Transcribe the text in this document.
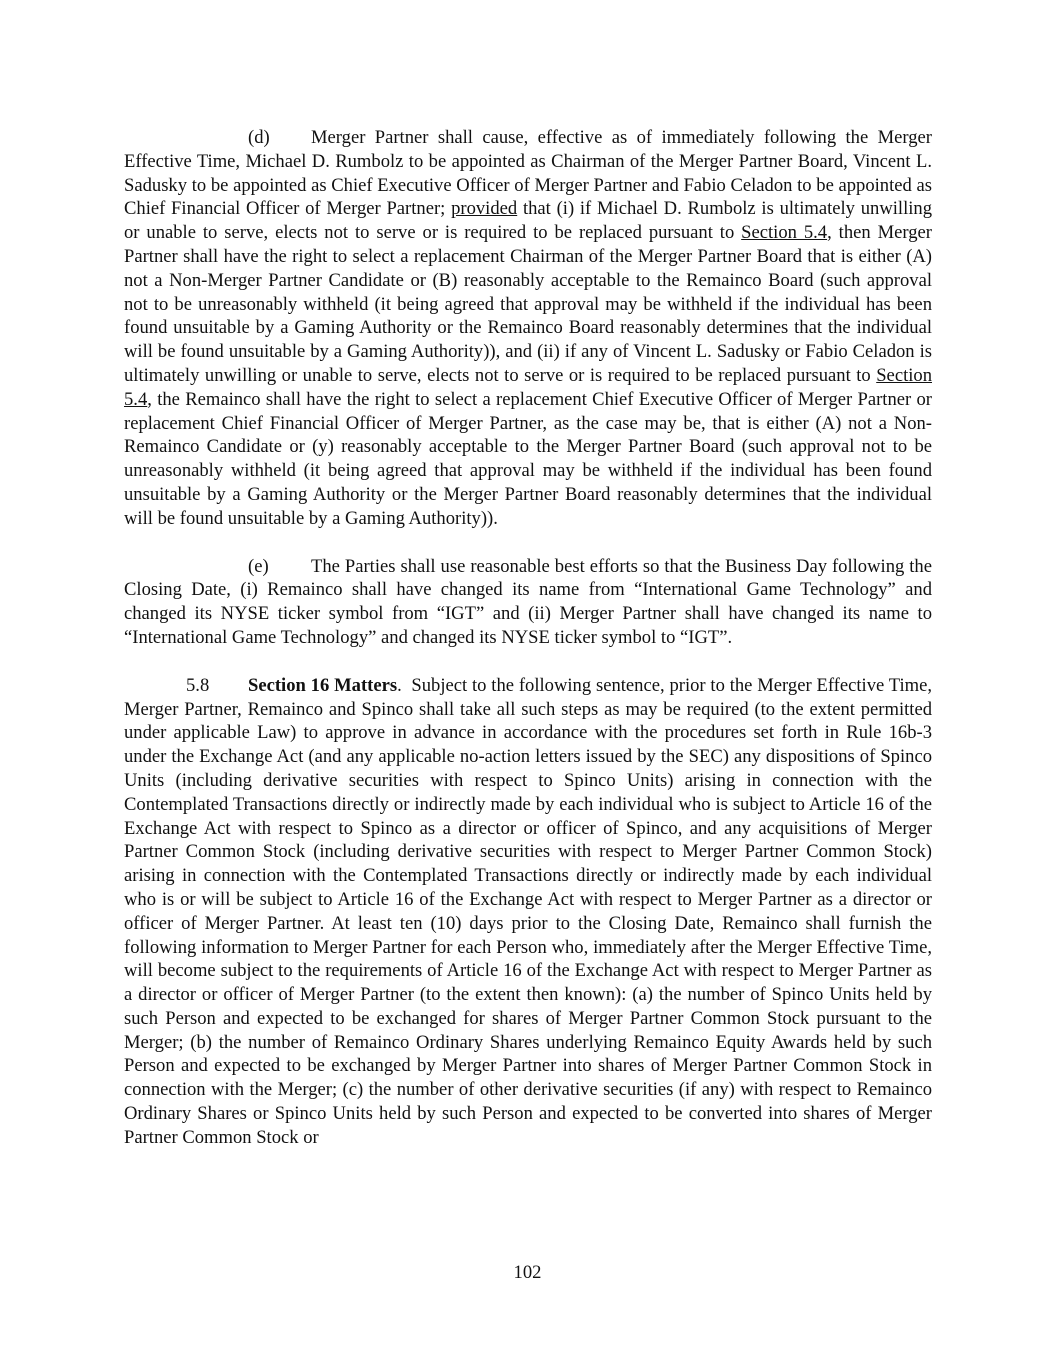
(d) Merger Partner shall cause, effective as of immediately following the Merger Effective Time, Michael D. Rumbolz to be appointed as Chairman of the Merger Partner Board, Vincent L. Sadusky to be appointed as Chief Executive Officer of Merger Partner and Fabio Celadon to be appointed as Chief Financial Officer of Merger Partner; provided that (i) if Michael D. Rumbolz is ultimately unwilling or unable to serve, elects not to serve or is required to be replaced pursuant to Section 5.4, then Merger Partner shall have the right to select a replacement Chairman of the Merger Partner Board that is either (A) not a Non-Merger Partner Candidate or (B) reasonably acceptable to the Remainco Board (such approval not to be unreasonably withheld (it being agreed that approval may be withheld if the individual has been found unsuitable by a Gaming Authority or the Remainco Board reasonably determines that the individual will be found unsuitable by a Gaming Authority)), and (ii) if any of Vincent L. Sadusky or Fabio Celadon is ultimately unwilling or unable to serve, elects not to serve or is required to be replaced pursuant to Section 5.4, the Remainco shall have the right to select a replacement Chief Executive Officer of Merger Partner or replacement Chief Financial Officer of Merger Partner, as the case may be, that is either (A) not a Non-Remainco Candidate or (y) reasonably acceptable to the Merger Partner Board (such approval not to be unreasonably withheld (it being agreed that approval may be withheld if the individual has been found unsuitable by a Gaming Authority or the Merger Partner Board reasonably determines that the individual will be found unsuitable by a Gaming Authority)).

(e) The Parties shall use reasonable best efforts so that the Business Day following the Closing Date, (i) Remainco shall have changed its name from “International Game Technology” and changed its NYSE ticker symbol from “IGT” and (ii) Merger Partner shall have changed its name to “International Game Technology” and changed its NYSE ticker symbol to “IGT”.

5.8 Section 16 Matters.  Subject to the following sentence, prior to the Merger Effective Time, Merger Partner, Remainco and Spinco shall take all such steps as may be required (to the extent permitted under applicable Law) to approve in advance in accordance with the procedures set forth in Rule 16b-3 under the Exchange Act (and any applicable no-action letters issued by the SEC) any dispositions of Spinco Units (including derivative securities with respect to Spinco Units) arising in connection with the Contemplated Transactions directly or indirectly made by each individual who is subject to Article 16 of the Exchange Act with respect to Spinco as a director or officer of Spinco, and any acquisitions of Merger Partner Common Stock (including derivative securities with respect to Merger Partner Common Stock) arising in connection with the Contemplated Transactions directly or indirectly made by each individual who is or will be subject to Article 16 of the Exchange Act with respect to Merger Partner as a director or officer of Merger Partner. At least ten (10) days prior to the Closing Date, Remainco shall furnish the following information to Merger Partner for each Person who, immediately after the Merger Effective Time, will become subject to the requirements of Article 16 of the Exchange Act with respect to Merger Partner as a director or officer of Merger Partner (to the extent then known): (a) the number of Spinco Units held by such Person and expected to be exchanged for shares of Merger Partner Common Stock pursuant to the Merger; (b) the number of Remainco Ordinary Shares underlying Remainco Equity Awards held by such Person and expected to be exchanged by Merger Partner into shares of Merger Partner Common Stock in connection with the Merger; (c) the number of other derivative securities (if any) with respect to Remainco Ordinary Shares or Spinco Units held by such Person and expected to be converted into shares of Merger Partner Common Stock or

102
